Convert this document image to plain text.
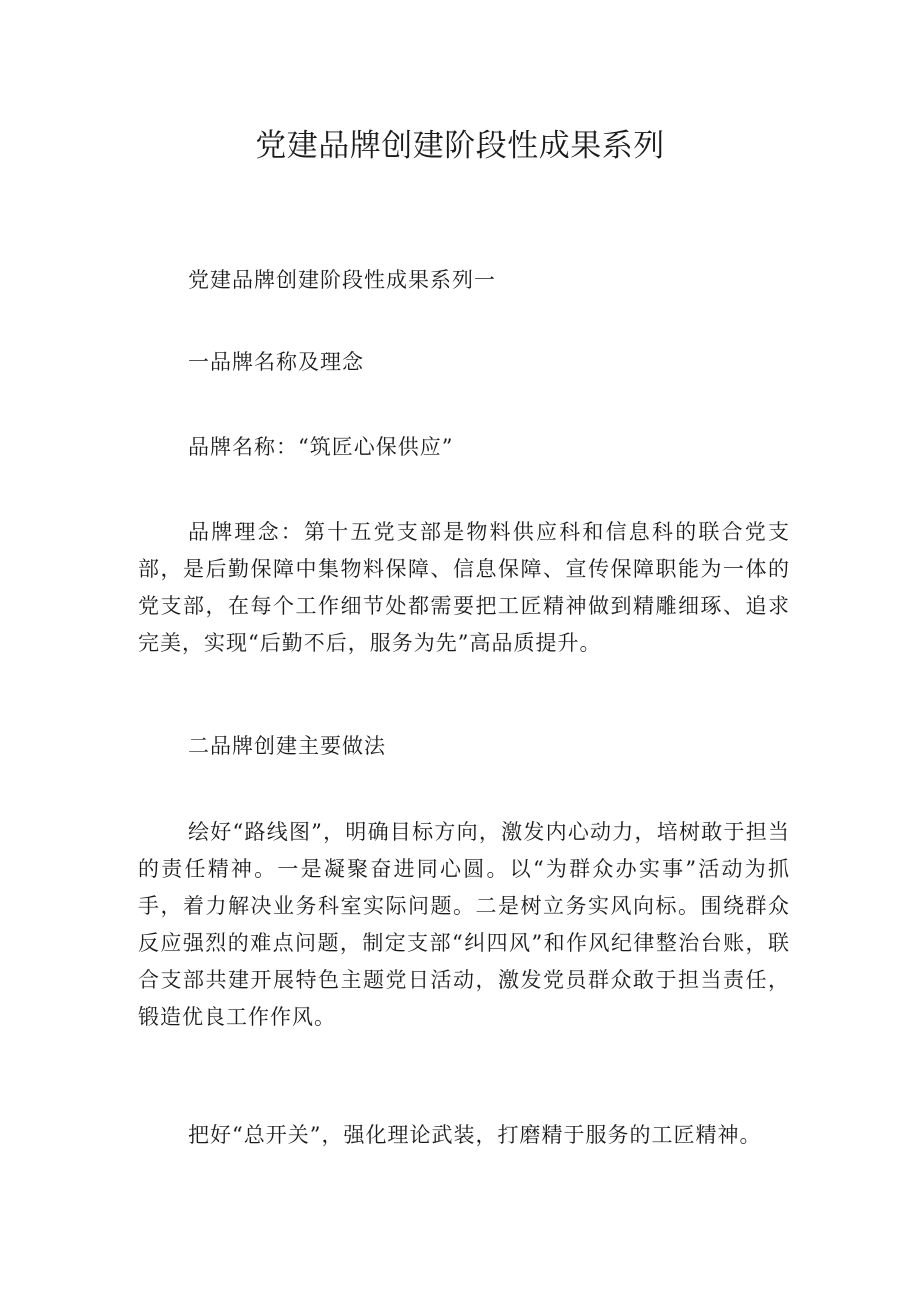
党建品牌创建阶段性成果系列

党建品牌创建阶段性成果系列一

一品牌名称及理念

品牌名称：“筑匠心保供应”

品牌理念：第十五党支部是物料供应科和信息科的联合党支部，是后勤保障中集物料保障、信息保障、宣传保障职能为一体的党支部，在每个工作细节处都需要把工匠精神做到精雕细琢、追求完美，实现“后勤不后，服务为先”高品质提升。

二品牌创建主要做法

绘好“路线图”，明确目标方向，激发内心动力，培树敢于担当的责任精神。一是凝聚奋进同心圆。以“为群众办实事”活动为抓手，着力解决业务科室实际问题。二是树立务实风向标。围绕群众反应强烈的难点问题，制定支部“纠四风”和作风纪律整治台账，联合支部共建开展特色主题党日活动，激发党员群众敢于担当责任，锻造优良工作作风。

把好“总开关”，强化理论武装，打磨精于服务的工匠精神。
